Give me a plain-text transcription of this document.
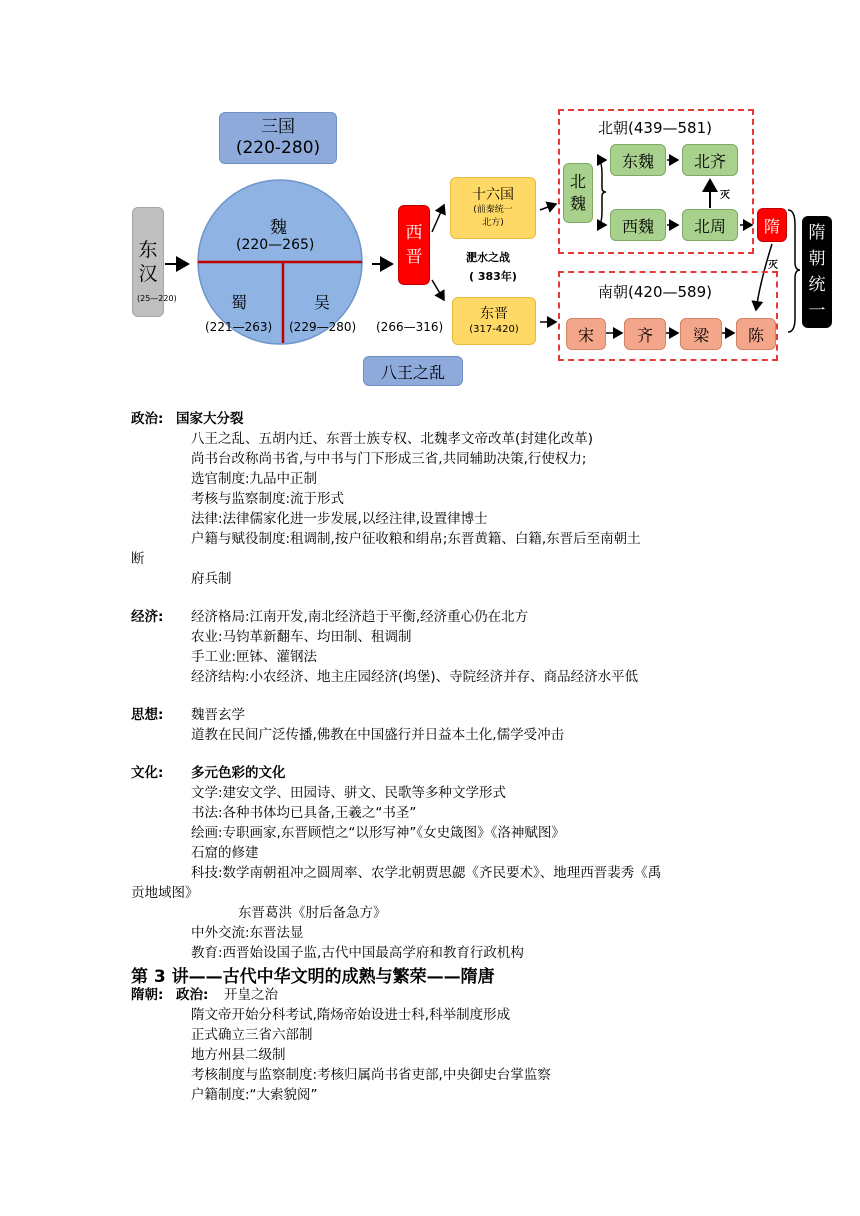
三国
(220-280)
东
汉
(25—220)
魏
(220—265)
蜀	吴
(221—263) (229—280)
西
晋
(266—316)
八王之乱
十六国
(前秦统一
北方)
淝水之战
( 383年)
东晋
(317-420)
北朝(439—581)
北
魏
东魏 北齐
西魏 北周
灭
隋
灭
隋
朝
统
一
南朝(420—589)
宋	齐 梁 陈
政治: 国家大分裂
八王之乱、五胡内迁、东晋士族专权、北魏孝文帝改革(封建化改革)
尚书台改称尚书省,与中书与门下形成三省,共同辅助决策,行使权力;
选官制度:九品中正制
考核与监察制度:流于形式
法律:法律儒家化进一步发展,以经注律,设置律博士
户籍与赋役制度:租调制,按户征收粮和绢帛;东晋黄籍、白籍,东晋后至南朝土
断
府兵制
经济: 经济格局:江南开发,南北经济趋于平衡,经济重心仍在北方
农业:马钧革新翻车、均田制、租调制
手工业:匣钵、灌钢法
经济结构:小农经济、地主庄园经济(坞堡)、寺院经济并存、商品经济水平低
思想: 魏晋玄学
道教在民间广泛传播,佛教在中国盛行并日益本土化,儒学受冲击
文化: 多元色彩的文化
文学:建安文学、田园诗、骈文、民歌等多种文学形式
书法:各种书体均已具备,王羲之“书圣”
绘画:专职画家,东晋顾恺之“以形写神”《女史箴图》《洛神赋图》
石窟的修建
科技:数学南朝祖冲之圆周率、农学北朝贾思勰《齐民要术》、地理西晋裴秀《禹
贡地域图》
东晋葛洪《肘后备急方》
中外交流:东晋法显
教育:西晋始设国子监,古代中国最高学府和教育行政机构
第 3 讲——古代中华文明的成熟与繁荣——隋唐
隋朝: 政治: 开皇之治
隋文帝开始分科考试,隋炀帝始设进士科,科举制度形成
正式确立三省六部制
地方州县二级制
考核制度与监察制度:考核归属尚书省吏部,中央御史台掌监察
户籍制度:“大索貌阅”
